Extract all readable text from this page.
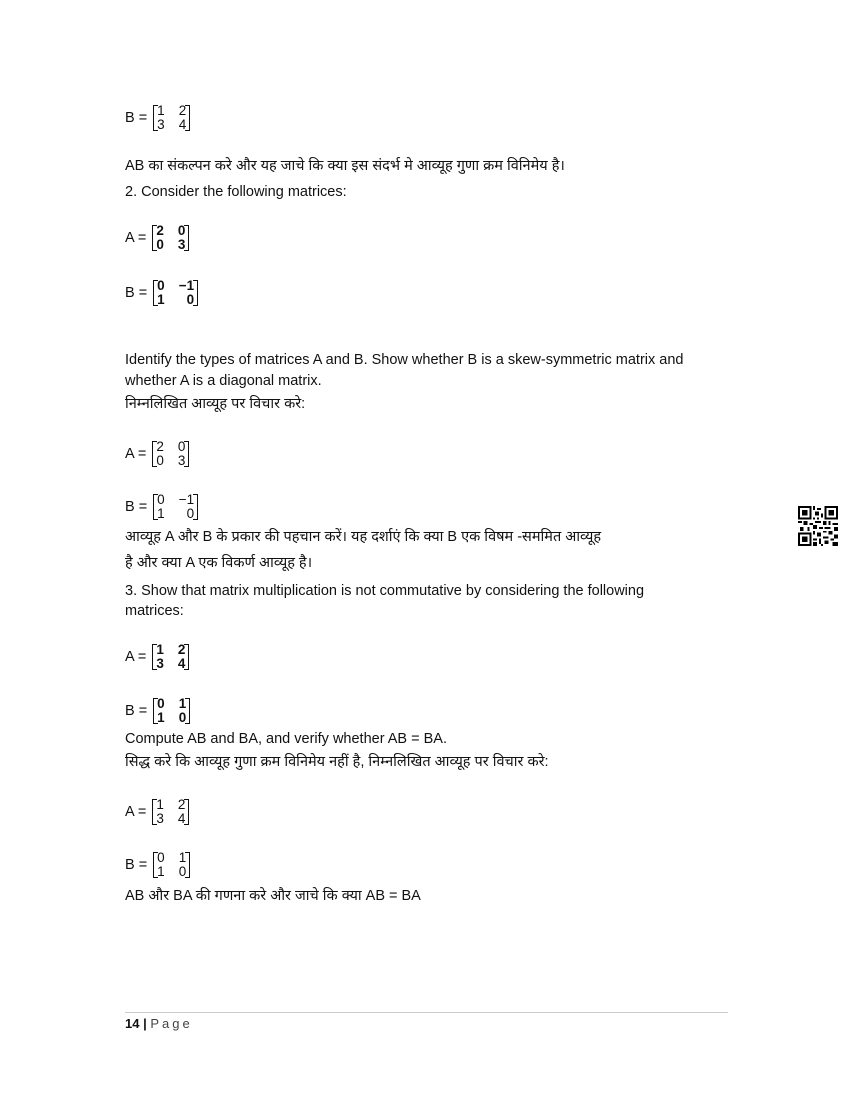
B = 1 2
3 4
AB का संकल्पन करे और यह जाचे कि क्या इस संदर्भ मे आव्यूह गुणा क्रम विनिमेय है।
2. Consider the following matrices:
A = 2 0
0 3
B = 0 −1
1	0
Identify the types of matrices A and B. Show whether B is a skew-symmetric matrix and
whether A is a diagonal matrix.
निम्नलिखित आव्यूह पर विचार करे:
A = 2 0
0 3
B = 0 −1
1	0
आव्यूह A और B के प्रकार की पहचान करें। यह दर्शाएं कि क्या B एक विषम -सममित आव्यूह
है और क्या A एक विकर्ण आव्यूह है।
3. Show that matrix multiplication is not commutative by considering the following
matrices:
A = 1 2
3 4
B = 0 1
1 0
Compute AB and BA, and verify whether AB = BA.
सिद्ध करे कि आव्यूह गुणा क्रम विनिमेय नहीं है, निम्नलिखित आव्यूह पर विचार करे:
A = 1 2
3 4
B = 0 1
1 0
AB और BA की गणना करे और जाचे कि क्या AB = BA
14 | Page
